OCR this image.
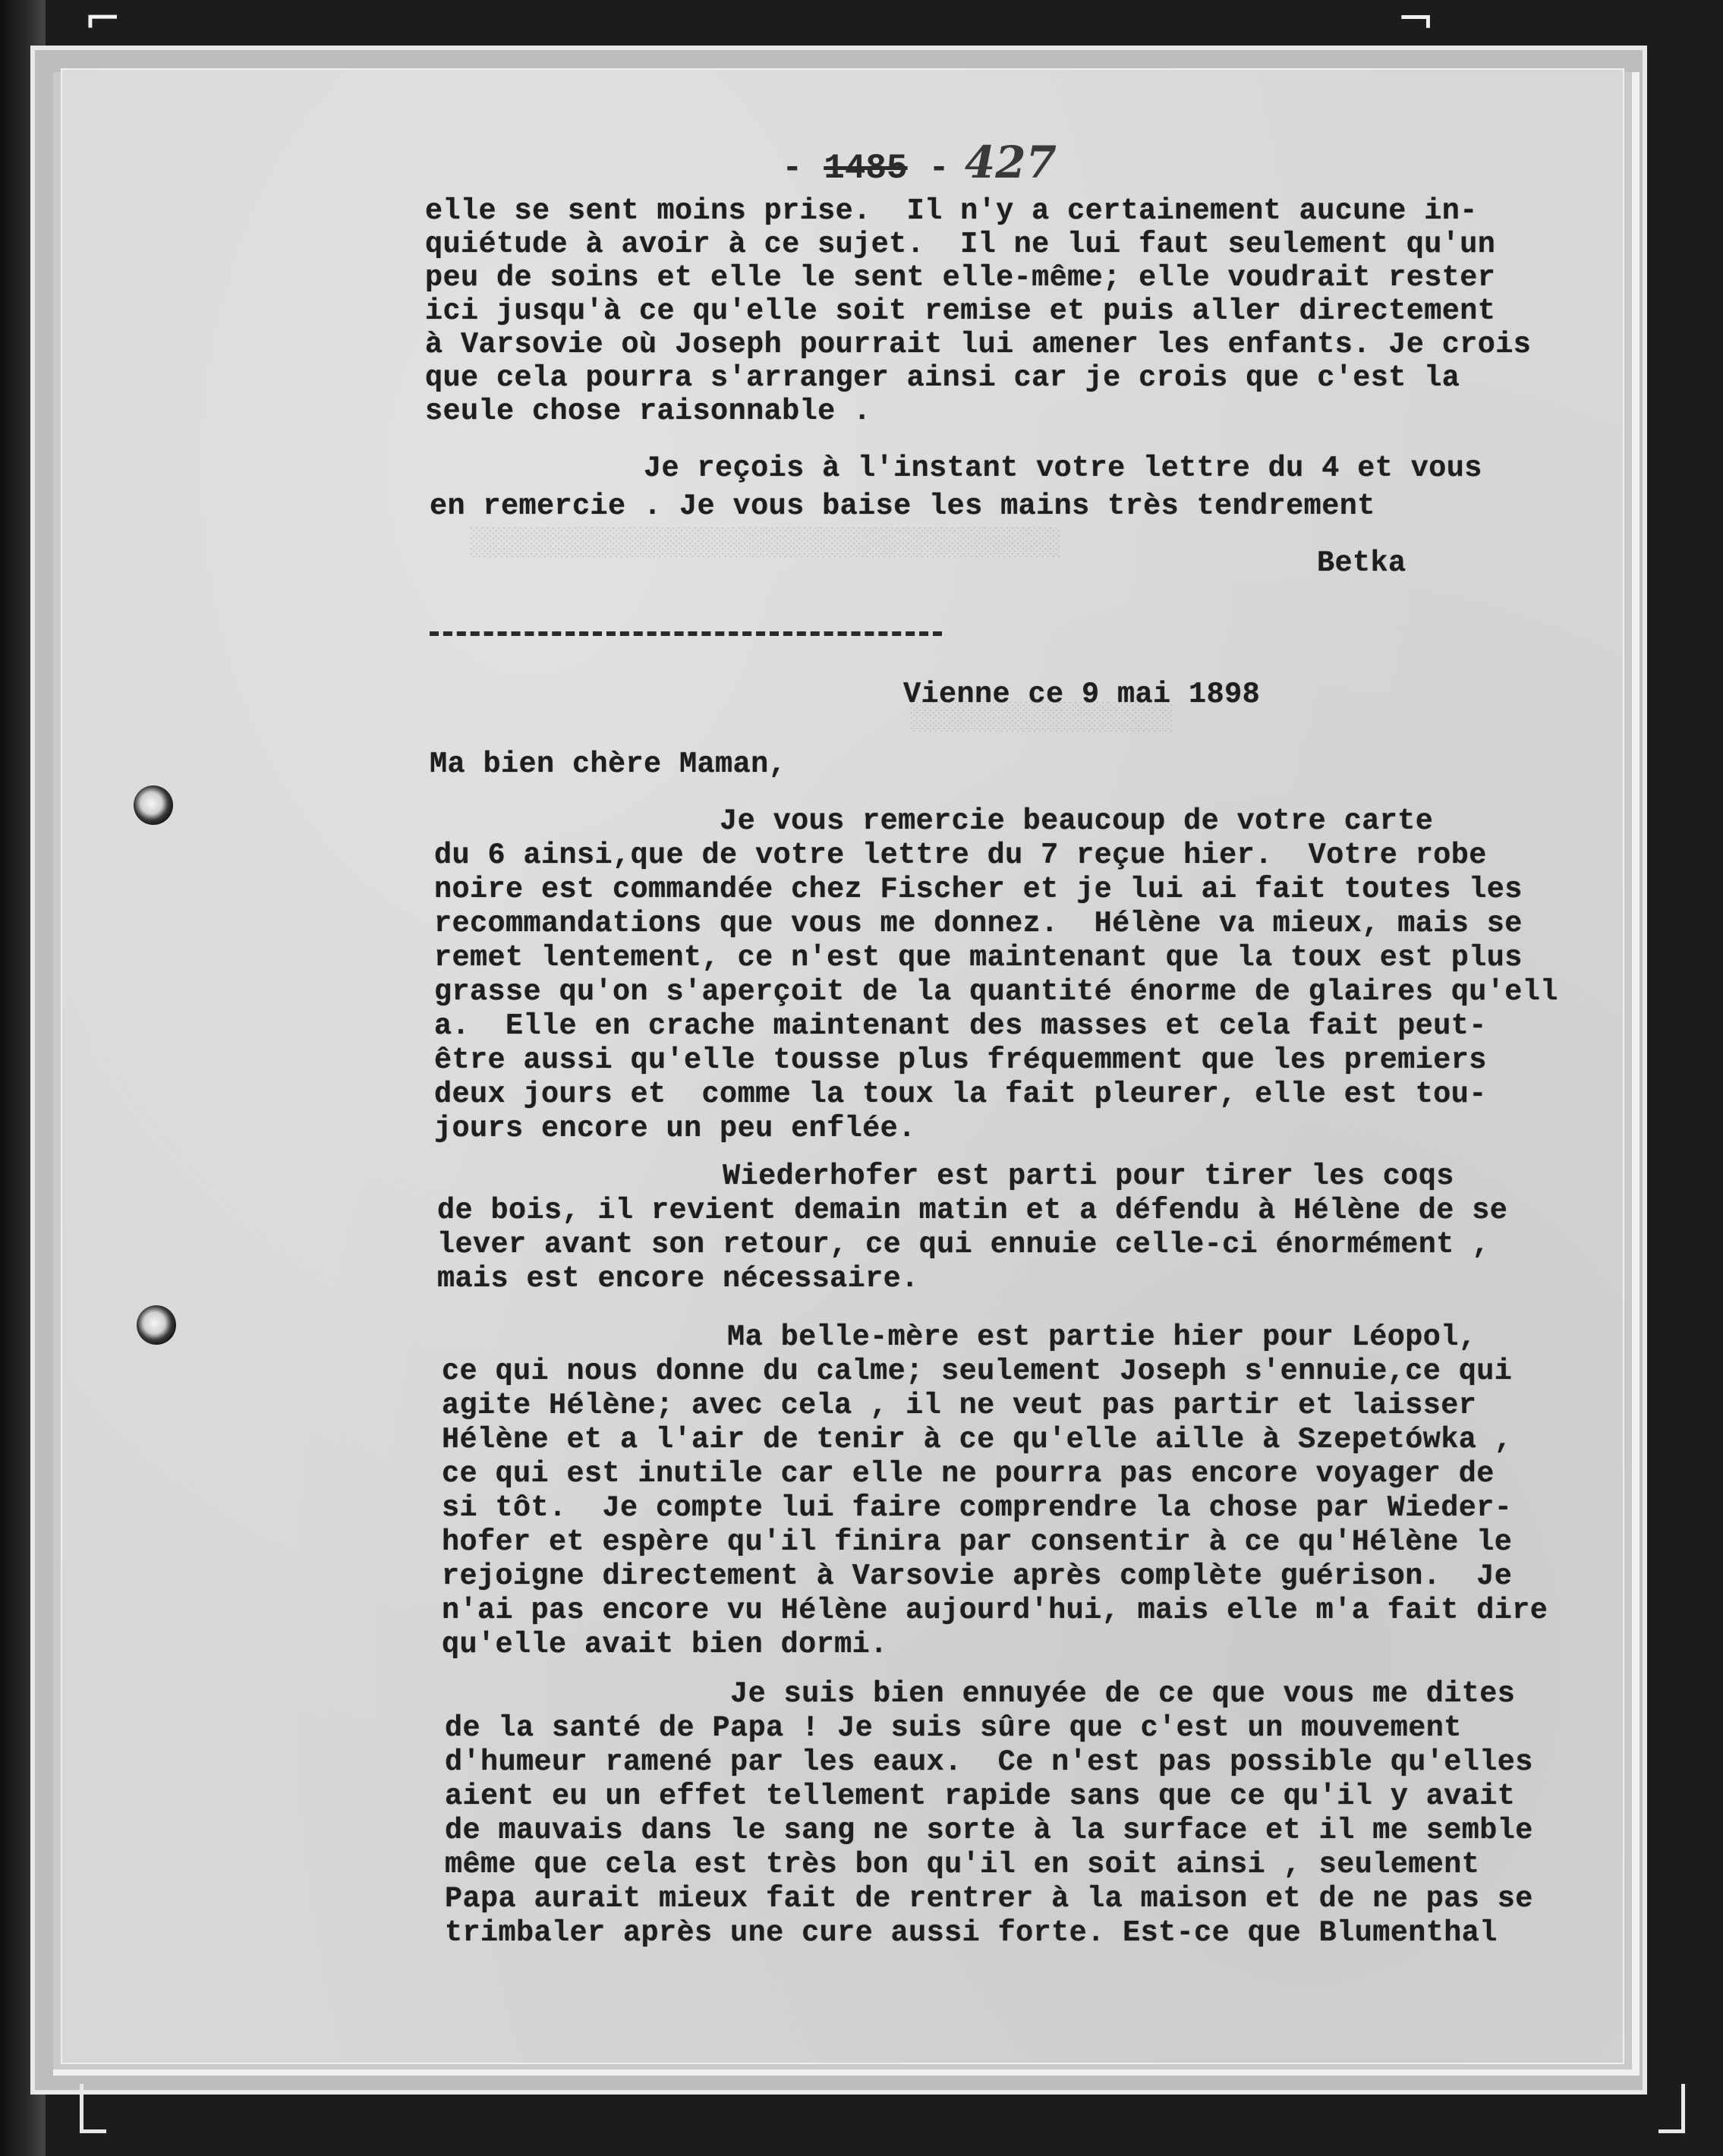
⌐	¬
- 1485 - 427
░░░░░░░░░░░░░░░░░░░░░░░░░░░░░░░░░░░░
░░░░░░░░░░░░░░░░
elle se sent moins prise.  Il n'y a certainement aucune in-
quiétude à avoir à ce sujet.  Il ne lui faut seulement qu'un
peu de soins et elle le sent elle-même; elle voudrait rester
ici jusqu'à ce qu'elle soit remise et puis aller directement
à Varsovie où Joseph pourrait lui amener les enfants. Je crois
que cela pourra s'arranger ainsi car je crois que c'est la
seule chose raisonnable .
Je reçois à l'instant votre lettre du 4 et vous
en remercie . Je vous baise les mains très tendrement
Betka
Vienne ce 9 mai 1898
Ma bien chère Maman,
Je vous remercie beaucoup de votre carte
du 6 ainsi,que de votre lettre du 7 reçue hier.  Votre robe
noire est commandée chez Fischer et je lui ai fait toutes les
recommandations que vous me donnez.  Hélène va mieux, mais se
remet lentement, ce n'est que maintenant que la toux est plus
grasse qu'on s'aperçoit de la quantité énorme de glaires qu'ell
a.  Elle en crache maintenant des masses et cela fait peut-
être aussi qu'elle tousse plus fréquemment que les premiers
deux jours et  comme la toux la fait pleurer, elle est tou-
jours encore un peu enflée.
Wiederhofer est parti pour tirer les coqs
de bois, il revient demain matin et a défendu à Hélène de se
lever avant son retour, ce qui ennuie celle-ci énormément ,
mais est encore nécessaire.
Ma belle-mère est partie hier pour Léopol,
ce qui nous donne du calme; seulement Joseph s'ennuie,ce qui
agite Hélène; avec cela , il ne veut pas partir et laisser
Hélène et a l'air de tenir à ce qu'elle aille à Szepetówka ,
ce qui est inutile car elle ne pourra pas encore voyager de
si tôt.  Je compte lui faire comprendre la chose par Wieder-
hofer et espère qu'il finira par consentir à ce qu'Hélène le
rejoigne directement à Varsovie après complète guérison.  Je
n'ai pas encore vu Hélène aujourd'hui, mais elle m'a fait dire
qu'elle avait bien dormi.
Je suis bien ennuyée de ce que vous me dites
de la santé de Papa ! Je suis sûre que c'est un mouvement
d'humeur ramené par les eaux.  Ce n'est pas possible qu'elles
aient eu un effet tellement rapide sans que ce qu'il y avait
de mauvais dans le sang ne sorte à la surface et il me semble
même que cela est très bon qu'il en soit ainsi , seulement
Papa aurait mieux fait de rentrer à la maison et de ne pas se
trimbaler après une cure aussi forte. Est-ce que Blumenthal
